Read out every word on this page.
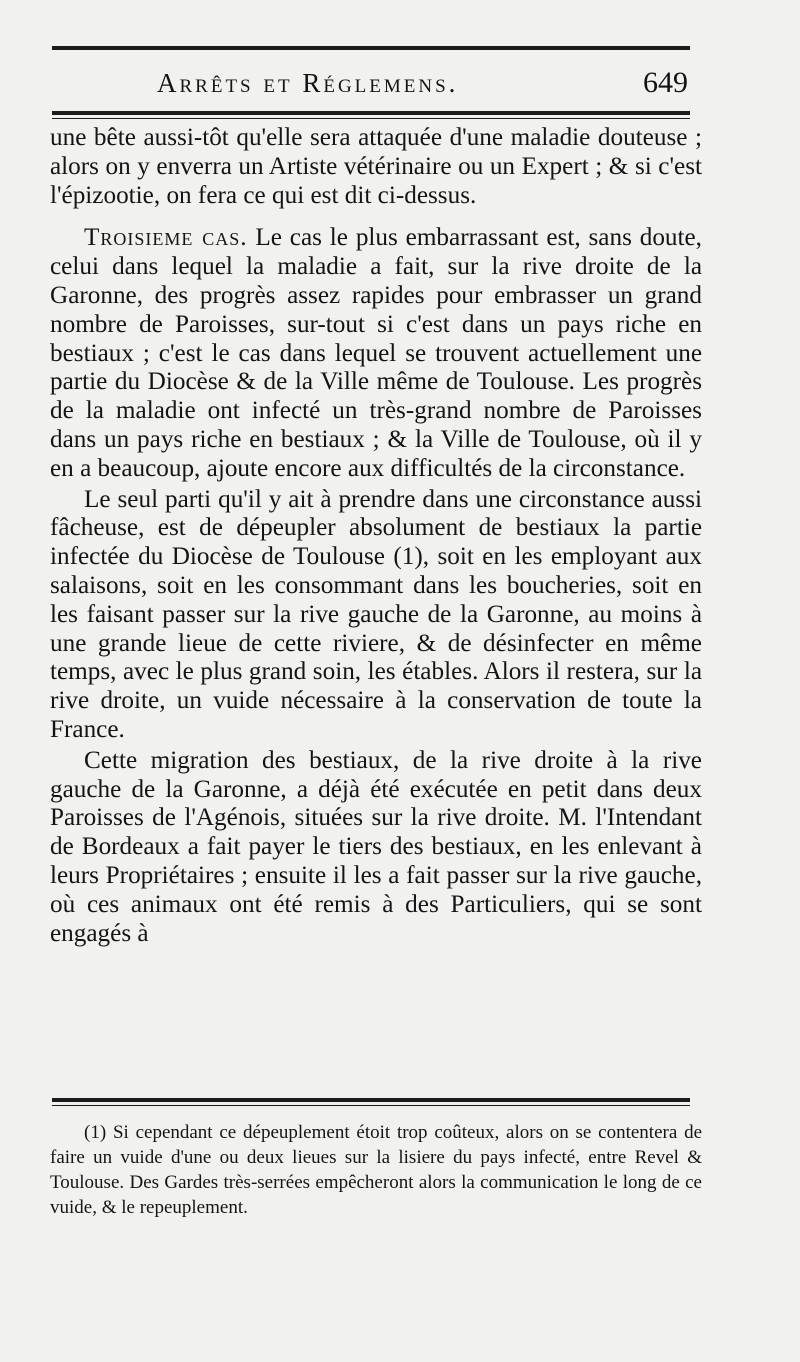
Arrêts et Réglemens.	649

une bête aussi-tôt qu'elle sera attaquée d'une maladie douteuse ; alors on y enverra un Artiste vétérinaire ou un Expert ; & si c'est l'épizootie, on fera ce qui est dit ci-dessus.

Troisieme cas. Le cas le plus embarrassant est, sans doute, celui dans lequel la maladie a fait, sur la rive droite de la Garonne, des progrès assez rapides pour embrasser un grand nombre de Paroisses, sur-tout si c'est dans un pays riche en bestiaux ; c'est le cas dans lequel se trouvent actuellement une partie du Diocèse & de la Ville même de Toulouse. Les progrès de la maladie ont infecté un très-grand nombre de Paroisses dans un pays riche en bestiaux ; & la Ville de Toulouse, où il y en a beaucoup, ajoute encore aux difficultés de la circonstance.

Le seul parti qu'il y ait à prendre dans une circonstance aussi fâcheuse, est de dépeupler absolument de bestiaux la partie infectée du Diocèse de Toulouse (1), soit en les employant aux salaisons, soit en les consommant dans les boucheries, soit en les faisant passer sur la rive gauche de la Garonne, au moins à une grande lieue de cette riviere, & de désinfecter en même temps, avec le plus grand soin, les étables. Alors il restera, sur la rive droite, un vuide nécessaire à la conservation de toute la France.

Cette migration des bestiaux, de la rive droite à la rive gauche de la Garonne, a déjà été exécutée en petit dans deux Paroisses de l'Agénois, situées sur la rive droite. M. l'Intendant de Bordeaux a fait payer le tiers des bestiaux, en les enlevant à leurs Propriétaires ; ensuite il les a fait passer sur la rive gauche, où ces animaux ont été remis à des Particuliers, qui se sont engagés à

(1) Si cependant ce dépeuplement étoit trop coûteux, alors on se contentera de faire un vuide d'une ou deux lieues sur la lisiere du pays infecté, entre Revel & Toulouse. Des Gardes très-serrées empêcheront alors la communication le long de ce vuide, & le repeuplement.
